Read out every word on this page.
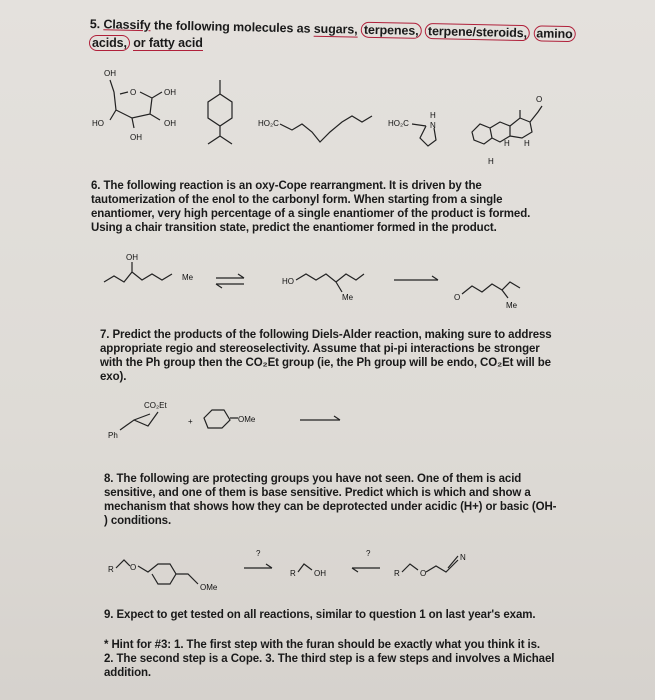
5. Classify the following molecules as sugars, terpenes, terpene/steroids, amino
acids, or fatty acid
OH
O	OH
HO	OH
OH
HO₂C	HO₂C
H
N
O
H H
H
6. The following reaction is an oxy-Cope rearrangment. It is driven by the
tautomerization of the enol to the carbonyl form. When starting from a single
enantiomer, very high percentage of a single enantiomer of the product is formed.
Using a chair transition state, predict the enantiomer formed in the product.
OH
Me	HO
Me	O
Me
7. Predict the products of the following Diels-Alder reaction, making sure to address
appropriate regio and stereoselectivity. Assume that pi-pi interactions be stronger
with the Ph group then the CO₂Et group (ie, the Ph group will be endo, CO₂Et will be
exo).
CO₂Et
Ph
+	OMe
8. The following are protecting groups you have not seen. One of them is acid
sensitive, and one of them is base sensitive. Predict which is which and show a
mechanism that shows how they can be deprotected under acidic (H+) or basic (OH-
) conditions.
R O
OMe
?
R OH
?
R	O
N
9. Expect to get tested on all reactions, similar to question 1 on last year's exam.
* Hint for #3: 1. The first step with the furan should be exactly what you think it is.
2. The second step is a Cope. 3. The third step is a few steps and involves a Michael
addition.
